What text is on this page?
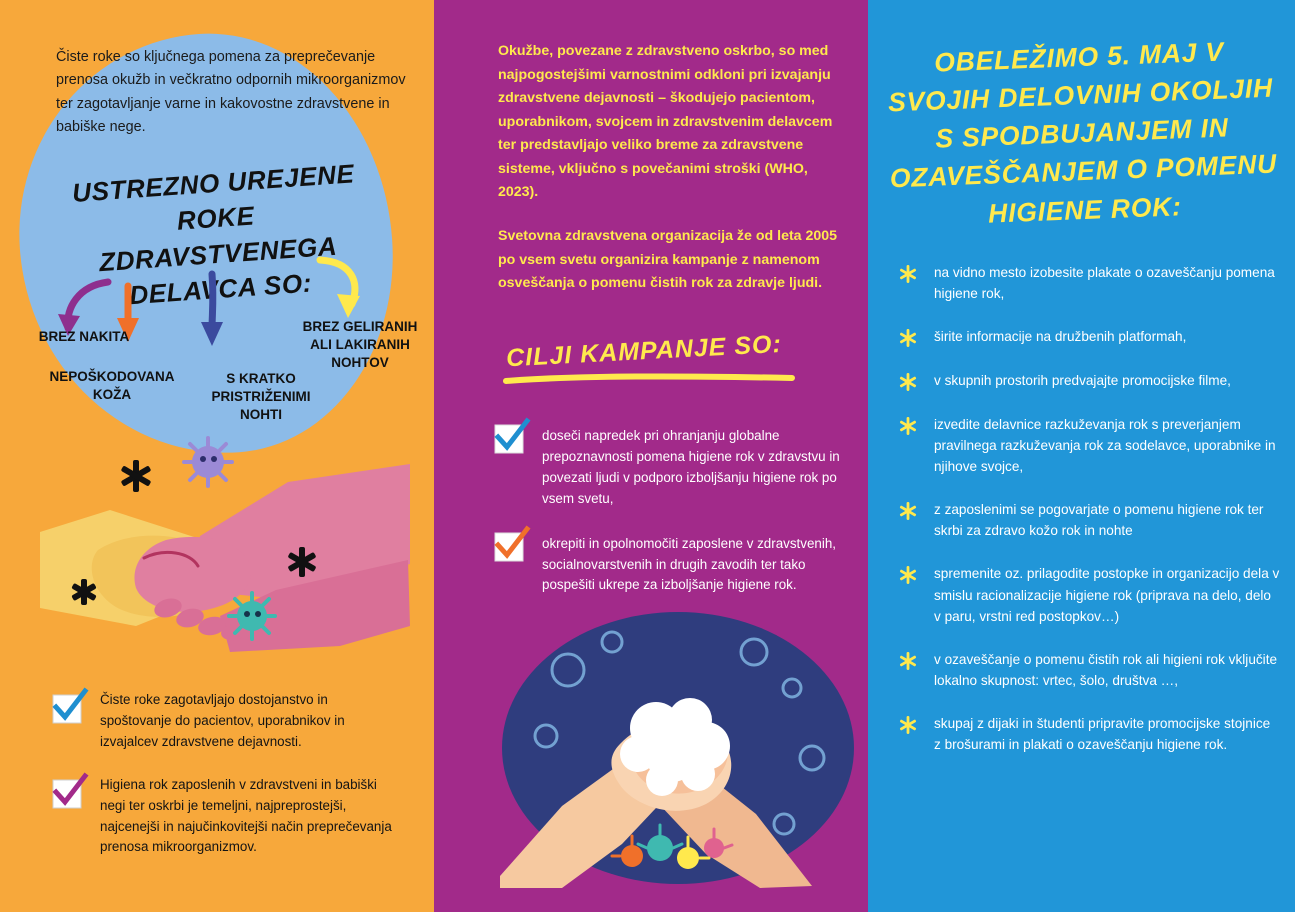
Čiste roke so ključnega pomena za preprečevanje prenosa okužb in večkratno odpornih mikroorganizmov ter zagotavljanje varne in kakovostne zdravstvene in babiške nege.
USTREZNO UREJENE ROKE ZDRAVSTVENEGA DELAVCA SO:
BREZ NAKITA
NEPOŠKODOVANA KOŽA
S KRATKO PRISTRIŽENIMI NOHTI
BREZ GELIRANIH ALI LAKIRANIH NOHTOV
Čiste roke zagotavljajo dostojanstvo in spoštovanje do pacientov, uporabnikov in izvajalcev zdravstvene dejavnosti.
Higiena rok zaposlenih v zdravstveni in babiški negi ter oskrbi je temeljni, najpreprostejši, najcenejši in najučinkovitejši način preprečevanja prenosa mikroorganizmov.

Okužbe, povezane z zdravstveno oskrbo, so med najpogostejšimi varnostnimi odkloni pri izvajanju zdravstvene dejavnosti – škodujejo pacientom, uporabnikom, svojcem in zdravstvenim delavcem ter predstavljajo veliko breme za zdravstvene sisteme, vključno s povečanimi stroški (WHO, 2023).

Svetovna zdravstvena organizacija že od leta 2005 po vsem svetu organizira kampanje z namenom osveščanja o pomenu čistih rok za zdravje ljudi.

CILJI KAMPANJE SO:
doseči napredek pri ohranjanju globalne prepoznavnosti pomena higiene rok v zdravstvu in povezati ljudi v podporo izboljšanju higiene rok po vsem svetu,
okrepiti in opolnomočiti zaposlene v zdravstvenih, socialnovarstvenih in drugih zavodih ter tako pospešiti ukrepe za izboljšanje higiene rok.
OBELEŽIMO 5. MAJ V SVOJIH DELOVNIH OKOLJIH S SPODBUJANJEM IN OZAVEŠČANJEM O POMENU HIGIENE ROK:
na vidno mesto izobesite plakate o ozaveščanju pomena higiene rok,
širite informacije na družbenih platformah,
v skupnih prostorih predvajajte promocijske filme,
izvedite delavnice razkuževanja rok s preverjanjem pravilnega razkuževanja rok za sodelavce, uporabnike in njihove svojce,
z zaposlenimi se pogovarjate o pomenu higiene rok ter skrbi za zdravo kožo rok in nohte
spremenite oz. prilagodite postopke in organizacijo dela v smislu racionalizacije higiene rok (priprava na delo, delo v paru, vrstni red postopkov…)
v ozaveščanje o pomenu čistih rok ali higieni rok vključite lokalno skupnost: vrtec, šolo, društva …,
skupaj z dijaki in študenti pripravite promocijske stojnice z brošurami in plakati o ozaveščanju higiene rok.
